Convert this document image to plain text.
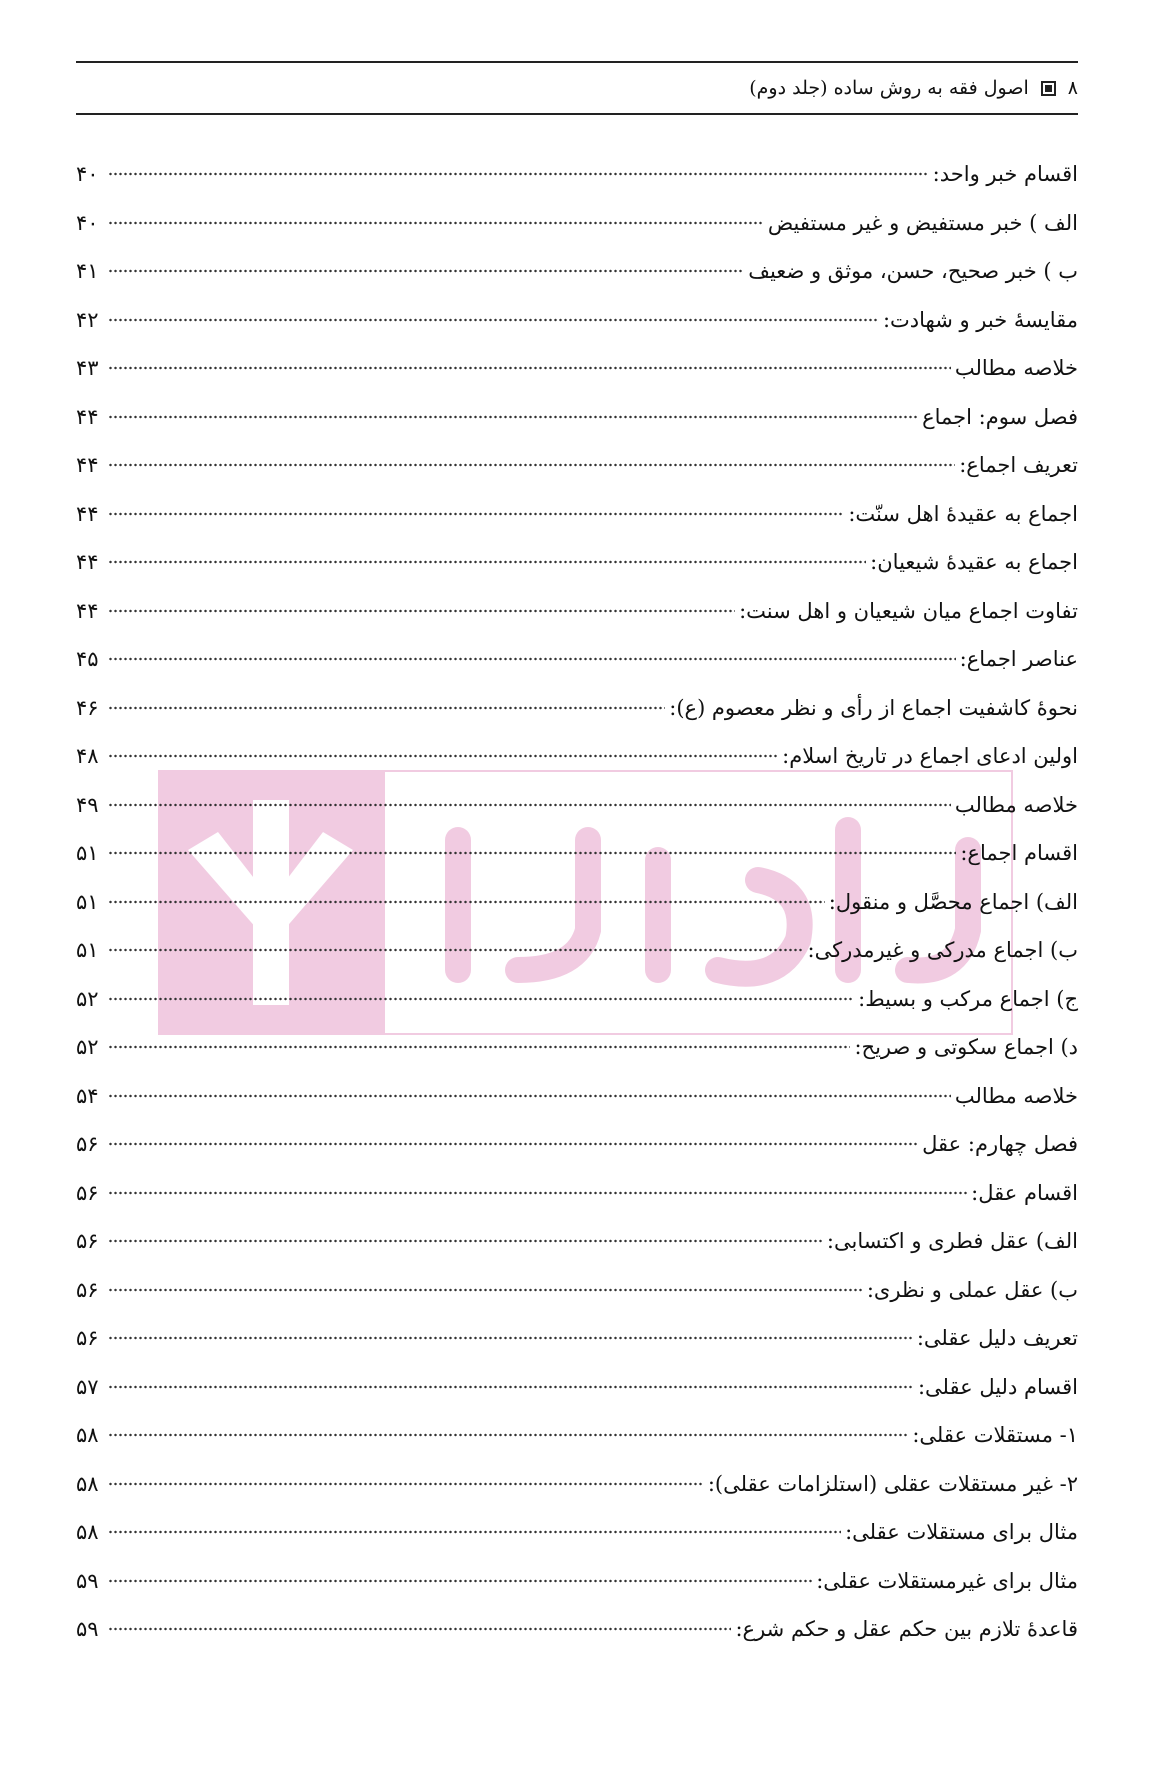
۸
اصول فقه به روش ساده (جلد دوم)
اقسام خبر واحد:
۴۰
الف ) خبر مستفیض و غیر مستفیض
۴۰
ب ) خبر صحیح، حسن، موثق و ضعیف
۴۱
مقایسهٔ خبر و شهادت:
۴۲
خلاصه مطالب
۴۳
فصل سوم: اجماع
۴۴
تعریف اجماع:
۴۴
اجماع به عقیدهٔ اهل سنّت:
۴۴
اجماع به عقیدهٔ شیعیان:
۴۴
تفاوت اجماع میان شیعیان و اهل سنت:
۴۴
عناصر اجماع:
۴۵
نحوهٔ کاشفیت اجماع از رأی و نظر معصوم (ع):
۴۶
اولین ادعای اجماع در تاریخ اسلام:
۴۸
خلاصه مطالب
۴۹
اقسام اجماع:
۵۱
الف) اجماع محصَّل و منقول:
۵۱
ب) اجماع مدرکی و غیرمدرکی:
۵۱
ج) اجماع مرکب و بسیط:
۵۲
د) اجماع سکوتی و صریح:
۵۲
خلاصه مطالب
۵۴
فصل چهارم: عقل
۵۶
اقسام عقل:
۵۶
الف) عقل فطری و اکتسابی:
۵۶
ب) عقل عملی و نظری:
۵۶
تعریف دلیل عقلی:
۵۶
اقسام دلیل عقلی:
۵۷
۱- مستقلات عقلی:
۵۸
۲- غیر مستقلات عقلی (استلزامات عقلی):
۵۸
مثال برای مستقلات عقلی:
۵۸
مثال برای غیرمستقلات عقلی:
۵۹
قاعدهٔ تلازم بین حکم عقل و حکم شرع:
۵۹
